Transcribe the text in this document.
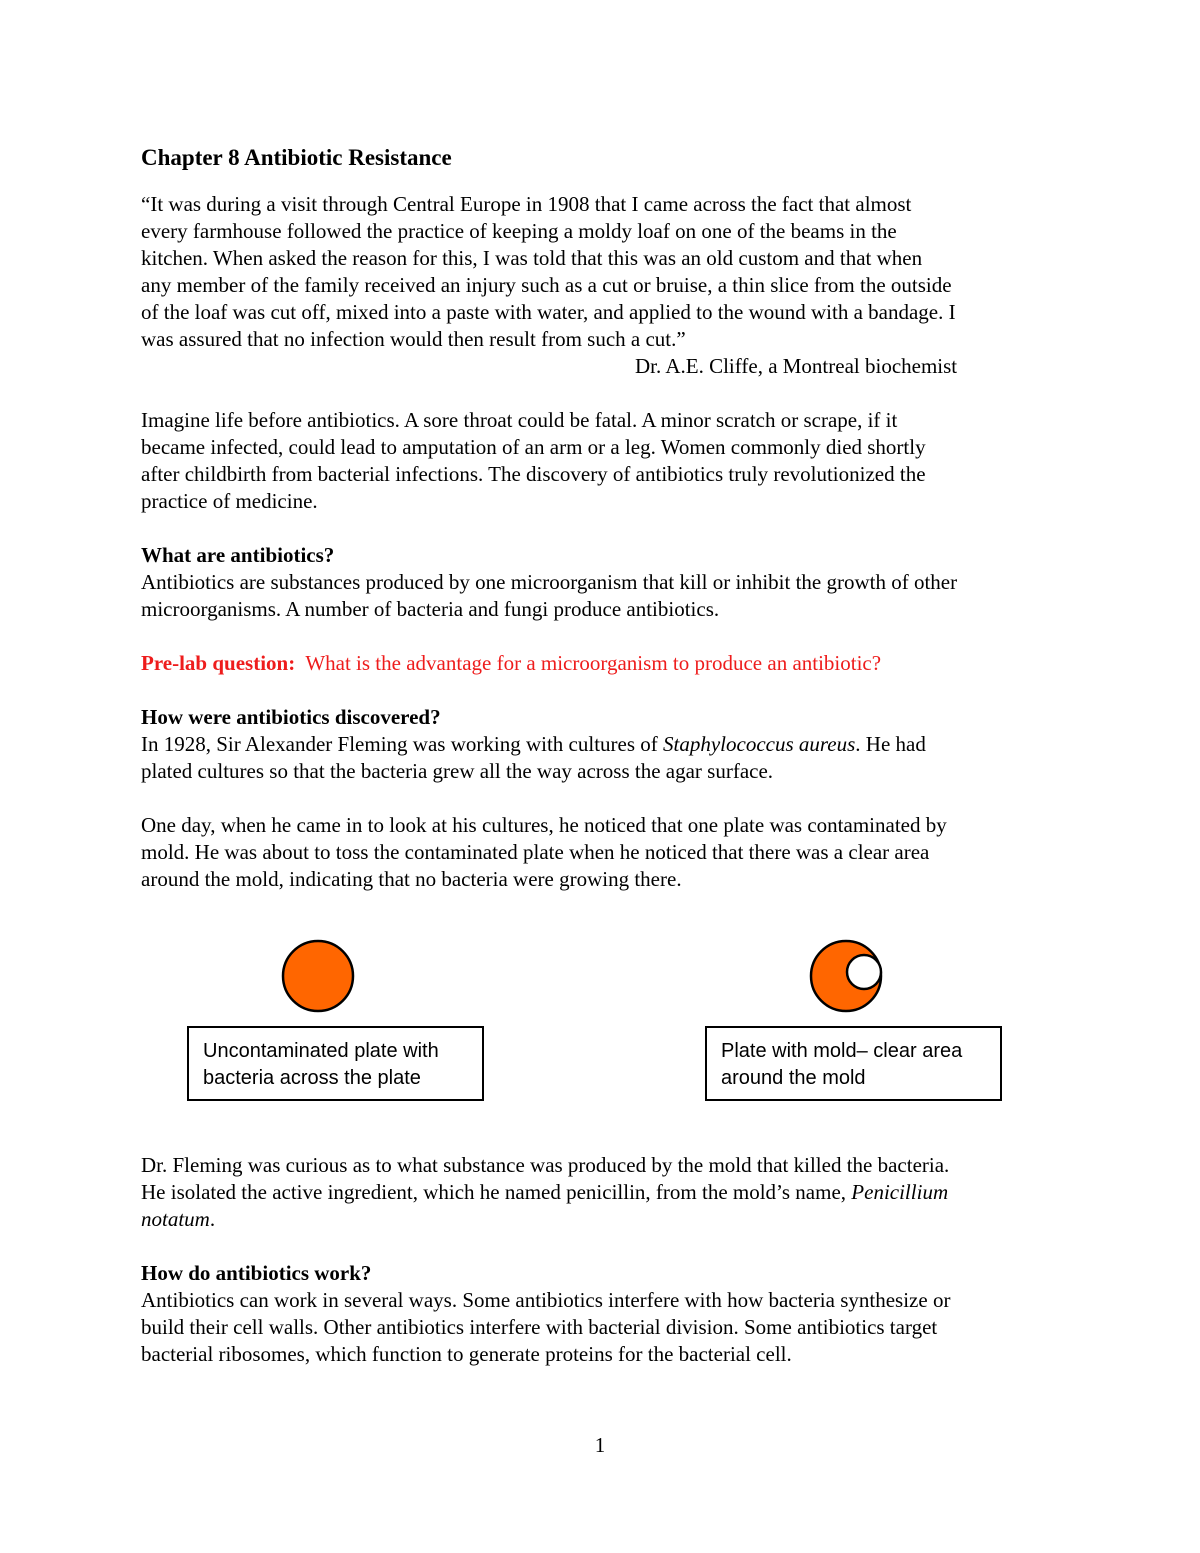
Chapter 8 Antibiotic Resistance

“It was during a visit through Central Europe in 1908 that I came across the fact that almost

every farmhouse followed the practice of keeping a moldy loaf on one of the beams in the

kitchen. When asked the reason for this, I was told that this was an old custom and that when

any member of the family received an injury such as a cut or bruise, a thin slice from the outside

of the loaf was cut off, mixed into a paste with water, and applied to the wound with a bandage. I

was assured that no infection would then result from such a cut.”

Dr. A.E. Cliffe, a Montreal biochemist

Imagine life before antibiotics. A sore throat could be fatal. A minor scratch or scrape, if it

became infected, could lead to amputation of an arm or a leg. Women commonly died shortly

after childbirth from bacterial infections. The discovery of antibiotics truly revolutionized the

practice of medicine.

What are antibiotics?

Antibiotics are substances produced by one microorganism that kill or inhibit the growth of other

microorganisms. A number of bacteria and fungi produce antibiotics.

Pre-lab question: What is the advantage for a microorganism to produce an antibiotic?

How were antibiotics discovered?

In 1928, Sir Alexander Fleming was working with cultures of Staphylococcus aureus. He had

plated cultures so that the bacteria grew all the way across the agar surface.

One day, when he came in to look at his cultures, he noticed that one plate was contaminated by

mold. He was about to toss the contaminated plate when he noticed that there was a clear area

around the mold, indicating that no bacteria were growing there.

Uncontaminated plate with
bacteria across the plate
Plate with mold– clear area
around the mold

Dr. Fleming was curious as to what substance was produced by the mold that killed the bacteria.

He isolated the active ingredient, which he named penicillin, from the mold’s name, Penicillium

notatum.

How do antibiotics work?

Antibiotics can work in several ways. Some antibiotics interfere with how bacteria synthesize or

build their cell walls. Other antibiotics interfere with bacterial division. Some antibiotics target

bacterial ribosomes, which function to generate proteins for the bacterial cell.

1
